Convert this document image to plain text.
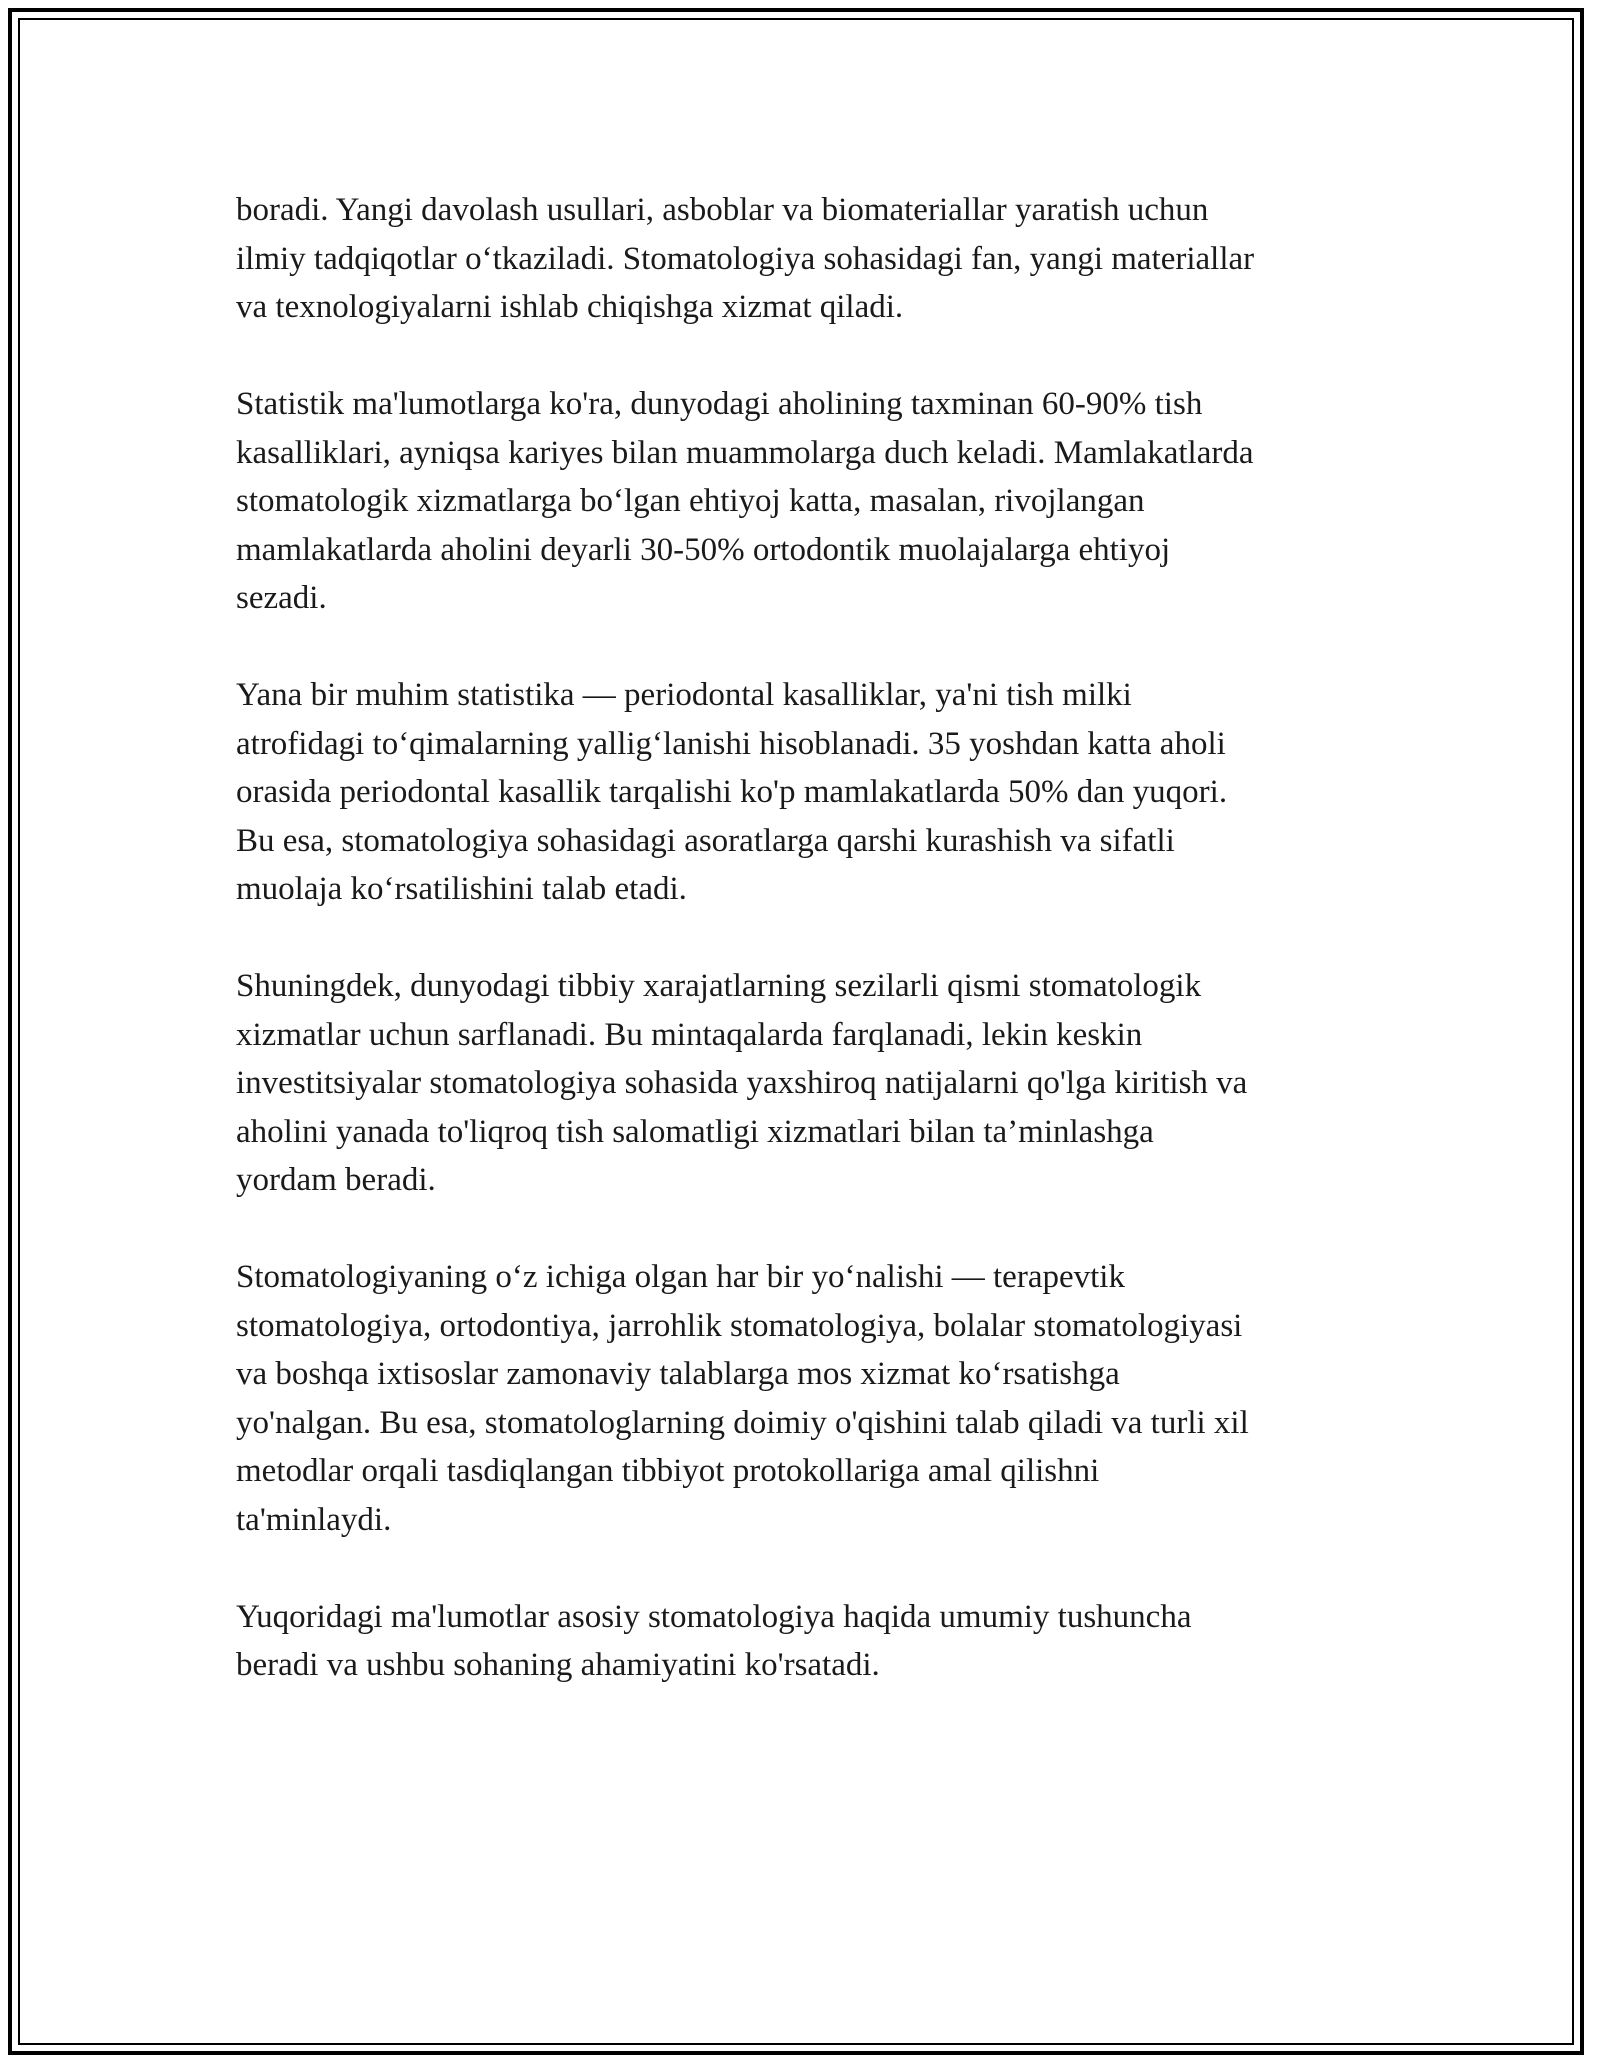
boradi. Yangi davolash usullari, asboblar va biomateriallar yaratish uchun
ilmiy tadqiqotlar o‘tkaziladi. Stomatologiya sohasidagi fan, yangi materiallar
va texnologiyalarni ishlab chiqishga xizmat qiladi.

Statistik ma'lumotlarga ko'ra, dunyodagi aholining taxminan 60-90% tish
kasalliklari, ayniqsa kariyes bilan muammolarga duch keladi. Mamlakatlarda
stomatologik xizmatlarga bo‘lgan ehtiyoj katta, masalan, rivojlangan
mamlakatlarda aholini deyarli 30-50% ortodontik muolajalarga ehtiyoj
sezadi.

Yana bir muhim statistika — periodontal kasalliklar, ya'ni tish milki
atrofidagi to‘qimalarning yallig‘lanishi hisoblanadi. 35 yoshdan katta aholi
orasida periodontal kasallik tarqalishi ko'p mamlakatlarda 50% dan yuqori.
Bu esa, stomatologiya sohasidagi asoratlarga qarshi kurashish va sifatli
muolaja ko‘rsatilishini talab etadi.

Shuningdek, dunyodagi tibbiy xarajatlarning sezilarli qismi stomatologik
xizmatlar uchun sarflanadi. Bu mintaqalarda farqlanadi, lekin keskin
investitsiyalar stomatologiya sohasida yaxshiroq natijalarni qo'lga kiritish va
aholini yanada to'liqroq tish salomatligi xizmatlari bilan ta’minlashga
yordam beradi.

Stomatologiyaning o‘z ichiga olgan har bir yo‘nalishi — terapevtik
stomatologiya, ortodontiya, jarrohlik stomatologiya, bolalar stomatologiyasi
va boshqa ixtisoslar zamonaviy talablarga mos xizmat ko‘rsatishga
yo'nalgan. Bu esa, stomatologlarning doimiy o'qishini talab qiladi va turli xil
metodlar orqali tasdiqlangan tibbiyot protokollariga amal qilishni
ta'minlaydi.

Yuqoridagi ma'lumotlar asosiy stomatologiya haqida umumiy tushuncha
beradi va ushbu sohaning ahamiyatini ko'rsatadi.
